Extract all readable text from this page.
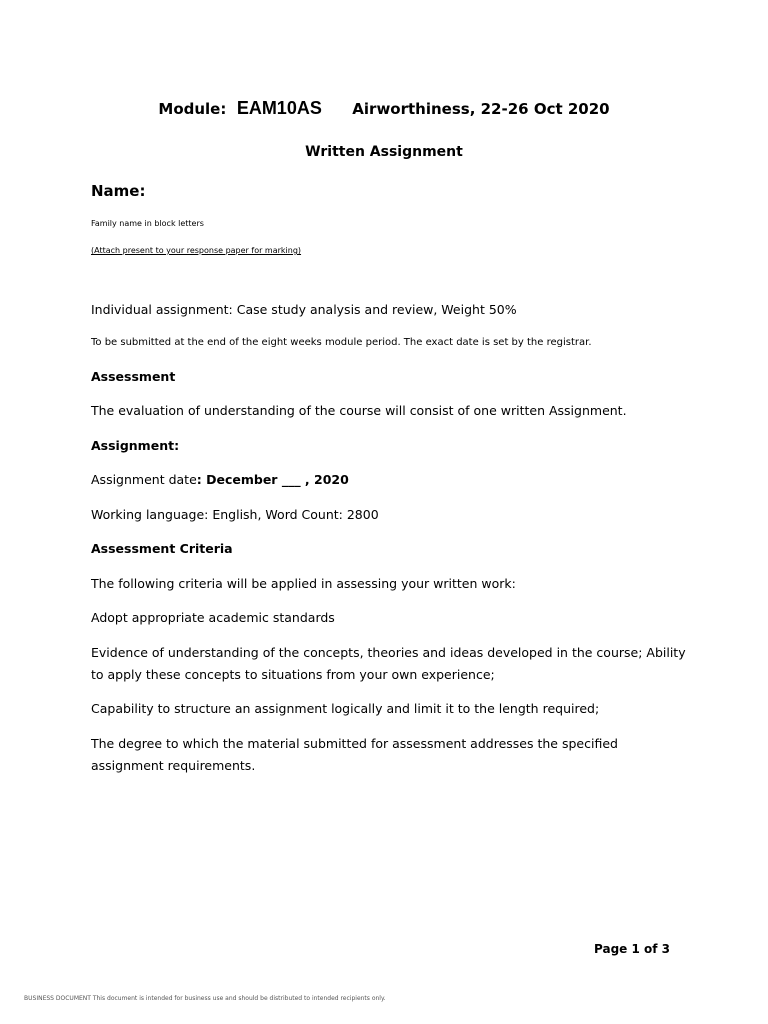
Module: EAM10AS Airworthiness, 22-26 Oct 2020
Written Assignment
Name:
Family name in block letters
(Attach present to your response paper for marking)
Individual assignment: Case study analysis and review, Weight 50%
To be submitted at the end of the eight weeks module period. The exact date is set by the registrar.
Assessment
The evaluation of understanding of the course will consist of one written Assignment.
Assignment:
Assignment date: December ___ , 2020
Working language: English, Word Count: 2800
Assessment Criteria
The following criteria will be applied in assessing your written work:
Adopt appropriate academic standards
Evidence of understanding of the concepts, theories and ideas developed in the course; Ability to apply these concepts to situations from your own experience;
Capability to structure an assignment logically and limit it to the length required;
The degree to which the material submitted for assessment addresses the specified assignment requirements.
Page 1 of 3
BUSINESS DOCUMENT This document is intended for business use and should be distributed to intended recipients only.
